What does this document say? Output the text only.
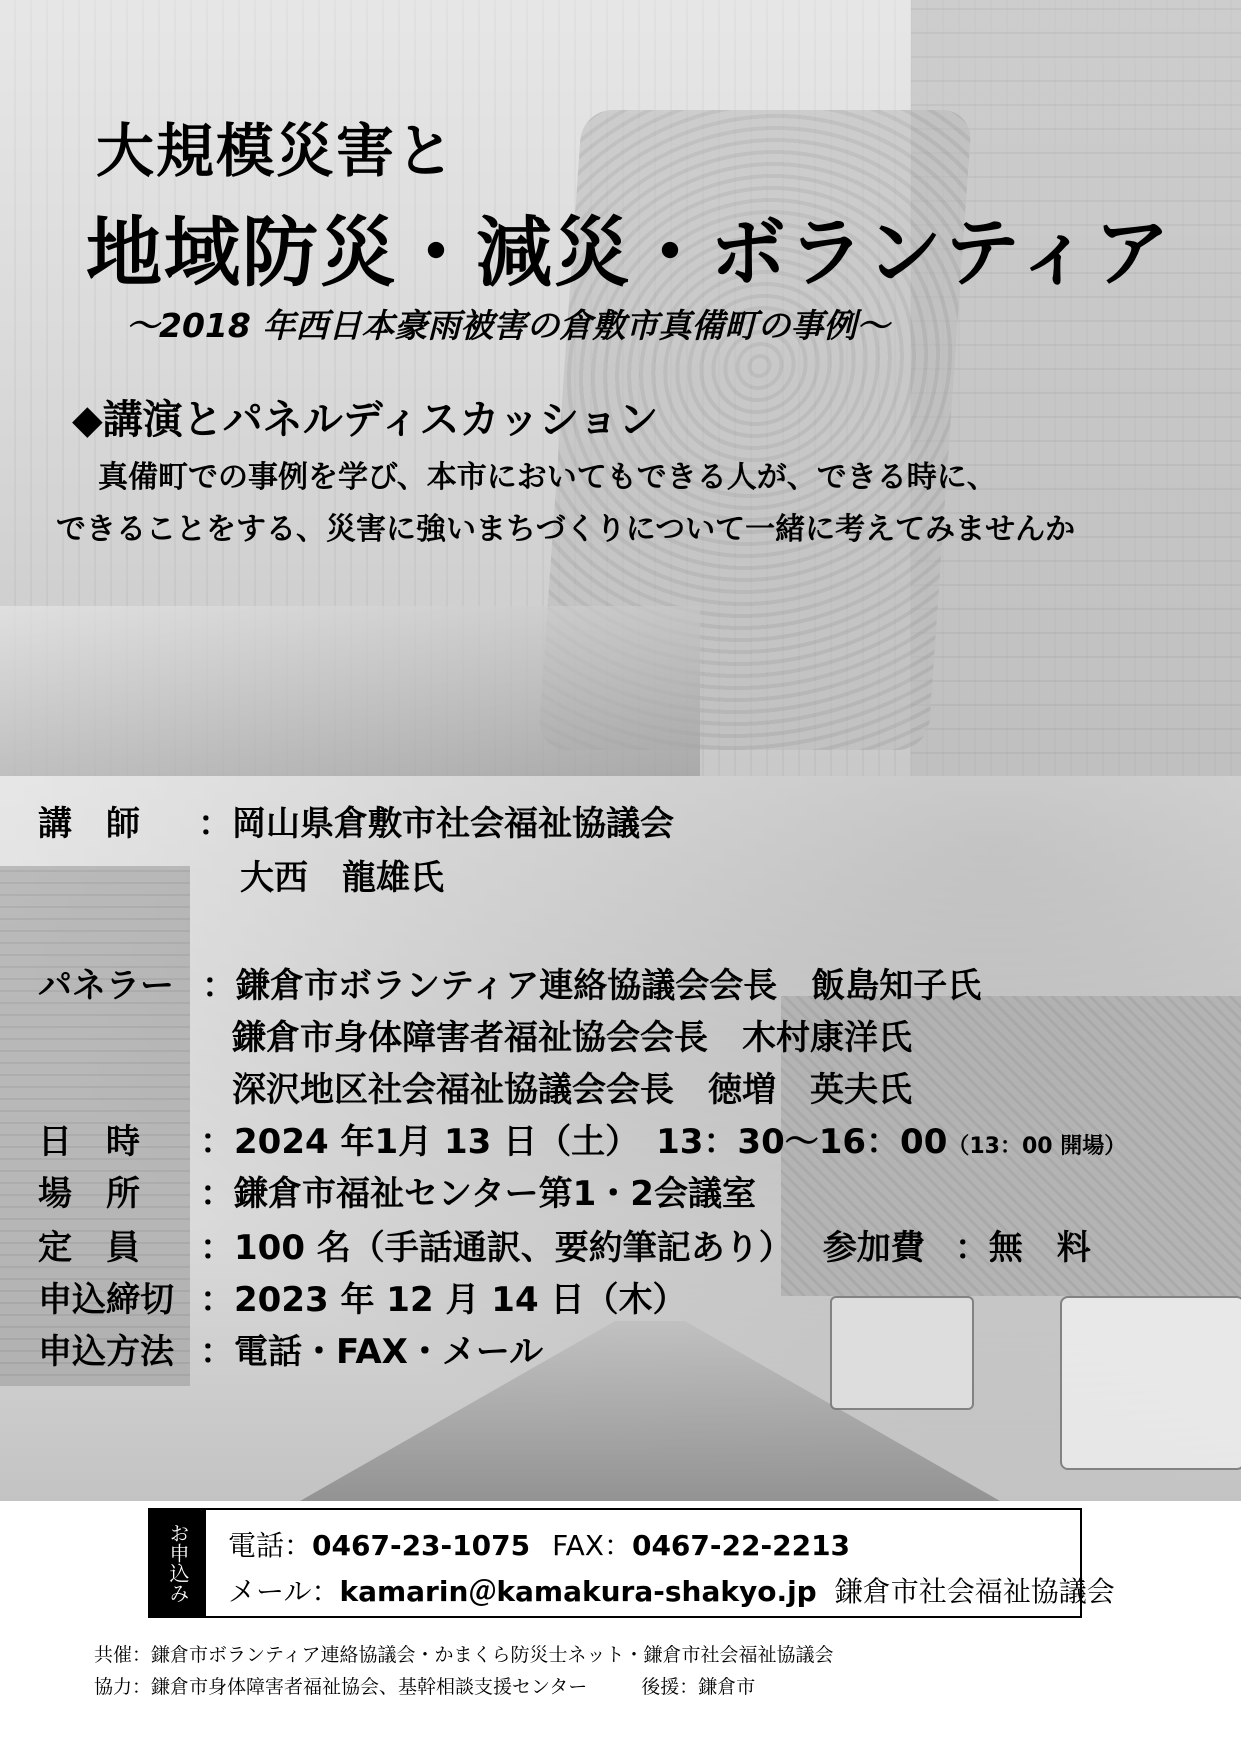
大規模災害と
地域防災・減災・ボランティア
～2018 年西日本豪雨被害の倉敷市真備町の事例～
◆講演とパネルディスカッション
真備町での事例を学び、本市においてもできる人が、できる時に、
できることをする、災害に強いまちづくりについて一緒に考えてみませんか
講　師 ：岡山県倉敷市社会福祉協議会
大西　龍雄氏
パネラー ：鎌倉市ボランティア連絡協議会会長　飯島知子氏
鎌倉市身体障害者福祉協会会長　木村康洋氏
深沢地区社会福祉協議会会長　徳増　英夫氏
日　時 ：2024 年1月 13 日（土）　13：30～16：00（13：00 開場）
場　所 ：鎌倉市福祉センター第1・2会議室
定　員 ：100 名（手話通訳、要約筆記あり） 参加費 ：無　料
申込締切 ：2023 年 12 月 14 日（木）
申込方法 ：電話・FAX・メール
お申込み	電話：0467-23-1075 FAX：0467-22-2213
メール：kamarin＠kamakura-shakyo.jp 鎌倉市社会福祉協議会
共催：鎌倉市ボランティア連絡協議会・かまくら防災士ネット・鎌倉市社会福祉協議会
協力：鎌倉市身体障害者福祉協会、基幹相談支援センター	後援：鎌倉市
